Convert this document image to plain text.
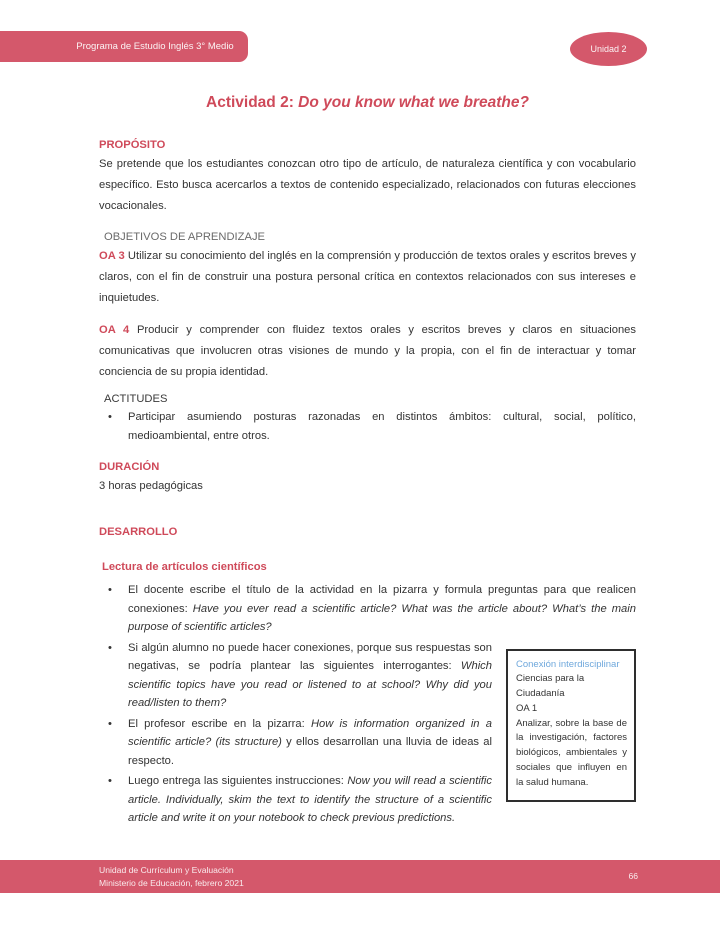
Programa de Estudio Inglés 3° Medio	Unidad 2
Actividad 2: Do you know what we breathe?
PROPÓSITO

Se pretende que los estudiantes conozcan otro tipo de artículo, de naturaleza científica y con vocabulario específico. Esto busca acercarlos a textos de contenido especializado, relacionados con futuras elecciones vocacionales.

OBJETIVOS DE APRENDIZAJE

OA 3 Utilizar su conocimiento del inglés en la comprensión y producción de textos orales y escritos breves y claros, con el fin de construir una postura personal crítica en contextos relacionados con sus intereses e inquietudes.

OA 4 Producir y comprender con fluidez textos orales y escritos breves y claros en situaciones comunicativas que involucren otras visiones de mundo y la propia, con el fin de interactuar y tomar conciencia de su propia identidad.

ACTITUDES
• Participar asumiendo posturas razonadas en distintos ámbitos: cultural, social, político, medioambiental, entre otros.
DURACIÓN

3 horas pedagógicas

DESARROLLO
Lectura de artículos científicos
• El docente escribe el título de la actividad en la pizarra y formula preguntas para que realicen conexiones: Have you ever read a scientific article? What was the article about? What’s the main purpose of scientific articles?
Conexión interdisciplinar
Ciencias para la Ciudadanía
OA 1
Analizar, sobre la base de la investigación, factores biológicos, ambientales y sociales que influyen en la salud humana.
• Si algún alumno no puede hacer conexiones, porque sus respuestas son negativas, se podría plantear las siguientes interrogantes: Which scientific topics have you read or listened to at school? Why did you read/listen to them?
• El profesor escribe en la pizarra: How is information organized in a scientific article? (its structure) y ellos desarrollan una lluvia de ideas al respecto.
• Luego entrega las siguientes instrucciones: Now you will read a scientific article. Individually, skim the text to identify the structure of a scientific article and write it on your notebook to check previous predictions.
Unidad de Currículum y Evaluación
Ministerio de Educación, febrero 2021
66
